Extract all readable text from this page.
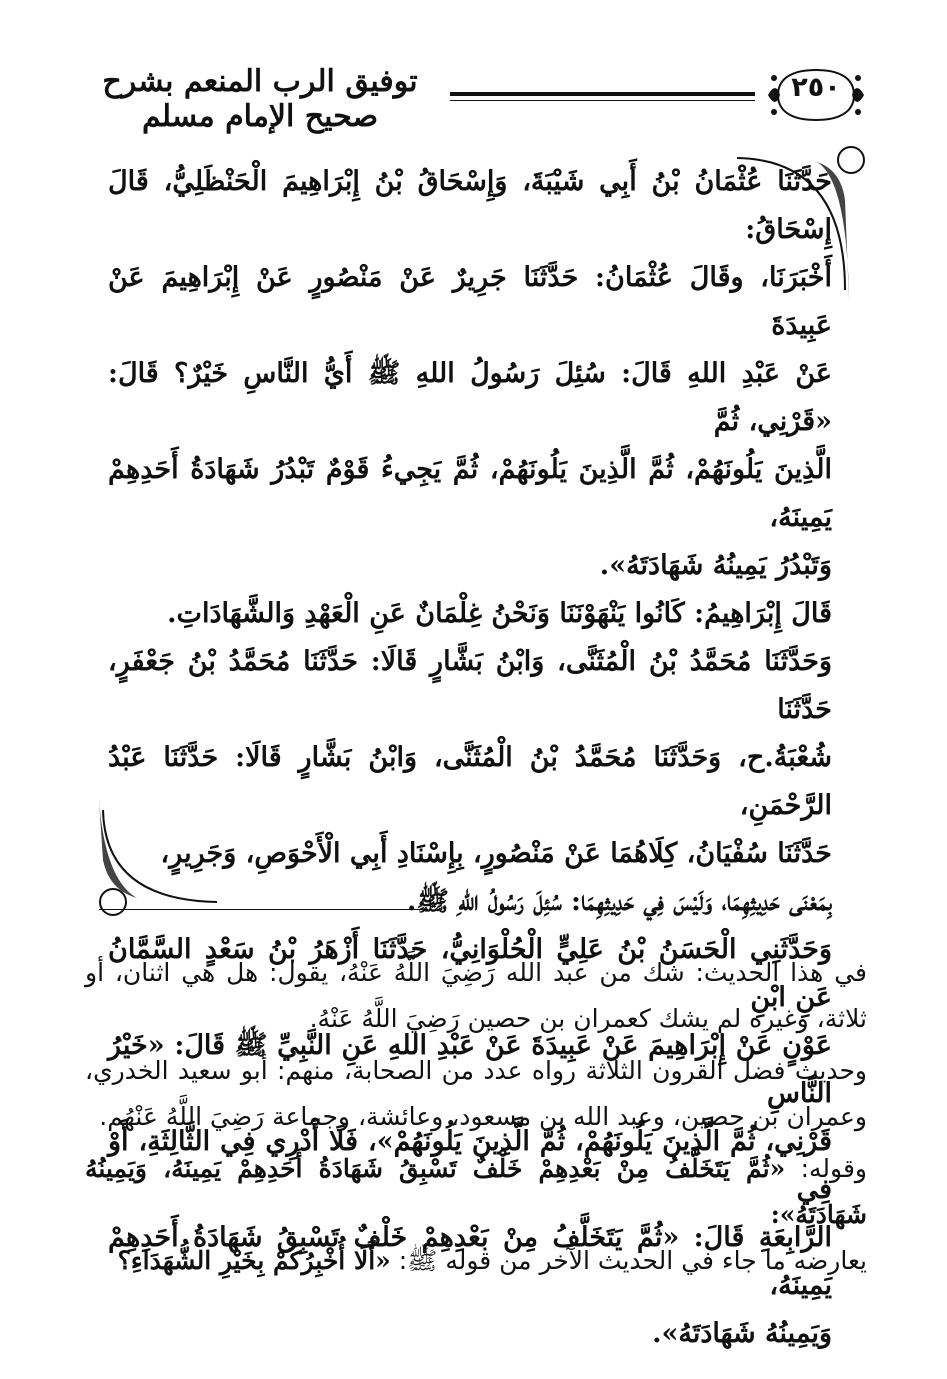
توفيق الرب المنعم بشرح صحيح الإمام مسلم
٢٥٠

حَدَّثَنَا عُثْمَانُ بْنُ أَبِي شَيْبَةَ، وَإِسْحَاقُ بْنُ إِبْرَاهِيمَ الْحَنْظَلِيُّ، قَالَ إِسْحَاقُ:

أَخْبَرَنَا، وقَالَ عُثْمَانُ: حَدَّثَنَا جَرِيرٌ عَنْ مَنْصُورٍ عَنْ إِبْرَاهِيمَ عَنْ عَبِيدَةَ

عَنْ عَبْدِ اللهِ قَالَ: سُئِلَ رَسُولُ اللهِ ﷺ أَيُّ النَّاسِ خَيْرٌ؟ قَالَ: «قَرْنِي، ثُمَّ

الَّذِينَ يَلُونَهُمْ، ثُمَّ الَّذِينَ يَلُونَهُمْ، ثُمَّ يَجِيءُ قَوْمٌ تَبْدُرُ شَهَادَةُ أَحَدِهِمْ يَمِينَهُ،

وَتَبْدُرُ يَمِينُهُ شَهَادَتَهُ».

قَالَ إِبْرَاهِيمُ: كَانُوا يَنْهَوْنَنَا وَنَحْنُ غِلْمَانٌ عَنِ الْعَهْدِ وَالشَّهَادَاتِ.

وَحَدَّثَنَا مُحَمَّدُ بْنُ الْمُثَنَّى، وَابْنُ بَشَّارٍ قَالَا: حَدَّثَنَا مُحَمَّدُ بْنُ جَعْفَرٍ، حَدَّثَنَا

شُعْبَةُ.ح، وَحَدَّثَنَا مُحَمَّدُ بْنُ الْمُثَنَّى، وَابْنُ بَشَّارٍ قَالَا: حَدَّثَنَا عَبْدُ الرَّحْمَنِ،

حَدَّثَنَا سُفْيَانُ، كِلَاهُمَا عَنْ مَنْصُورٍ، بِإِسْنَادِ أَبِي الْأَحْوَصِ، وَجَرِيرٍ،

بِمَعْنَى حَدِيثِهِمَا، وَلَيْسَ فِي حَدِيثِهِمَا: سُئِلَ رَسُولُ اللهِ ﷺ.

وَحَدَّثَنِي الْحَسَنُ بْنُ عَلِيٍّ الْحُلْوَانِيُّ، حَدَّثَنَا أَزْهَرُ بْنُ سَعْدٍ السَّمَّانُ عَنِ ابْنِ

عَوْنٍ عَنْ إِبْرَاهِيمَ عَنْ عَبِيدَةَ عَنْ عَبْدِ اللهِ عَنِ النَّبِيِّ ﷺ قَالَ: «خَيْرُ النَّاسِ

قَرْنِي، ثُمَّ الَّذِينَ يَلُونَهُمْ، ثُمَّ الَّذِينَ يَلُونَهُمْ»، فَلَا أَدْرِي فِي الثَّالِثَةِ، أَوْ فِي

الرَّابِعَةِ قَالَ: «ثُمَّ يَتَخَلَّفُ مِنْ بَعْدِهِمْ خَلْفٌ تَسْبِقُ شَهَادَةُ أَحَدِهِمْ يَمِينَهُ،

وَيَمِينُهُ شَهَادَتَهُ».

في هذا الحديث: شك من عبد الله رَضِيَ اللَّهُ عَنْهُ، يقول: هل هي اثنان، أو ثلاثة، وغيره لم يشك كعمران بن حصين رَضِيَ اللَّهُ عَنْهُ.

وحديث فضل القرون الثلاثة رواه عدد من الصحابة، منهم: أبو سعيد الخدري، وعمران بن حصين، وعبد الله بن مسعود، وعائشة، وجماعة رَضِيَ اللَّهُ عَنْهُم.

وقوله: «ثُمَّ يَتَخَلَّفُ مِنْ بَعْدِهِمْ خَلْفٌ تَسْبِقُ شَهَادَةُ أَحَدِهِمْ يَمِينَهُ، وَيَمِينُهُ شَهَادَتَهُ»:
يعارضه ما جاء في الحديث الآخر من قوله ﷺ: «أَلَا أُخْبِرُكُمْ بِخَيْرِ الشُّهَدَاءِ؟
